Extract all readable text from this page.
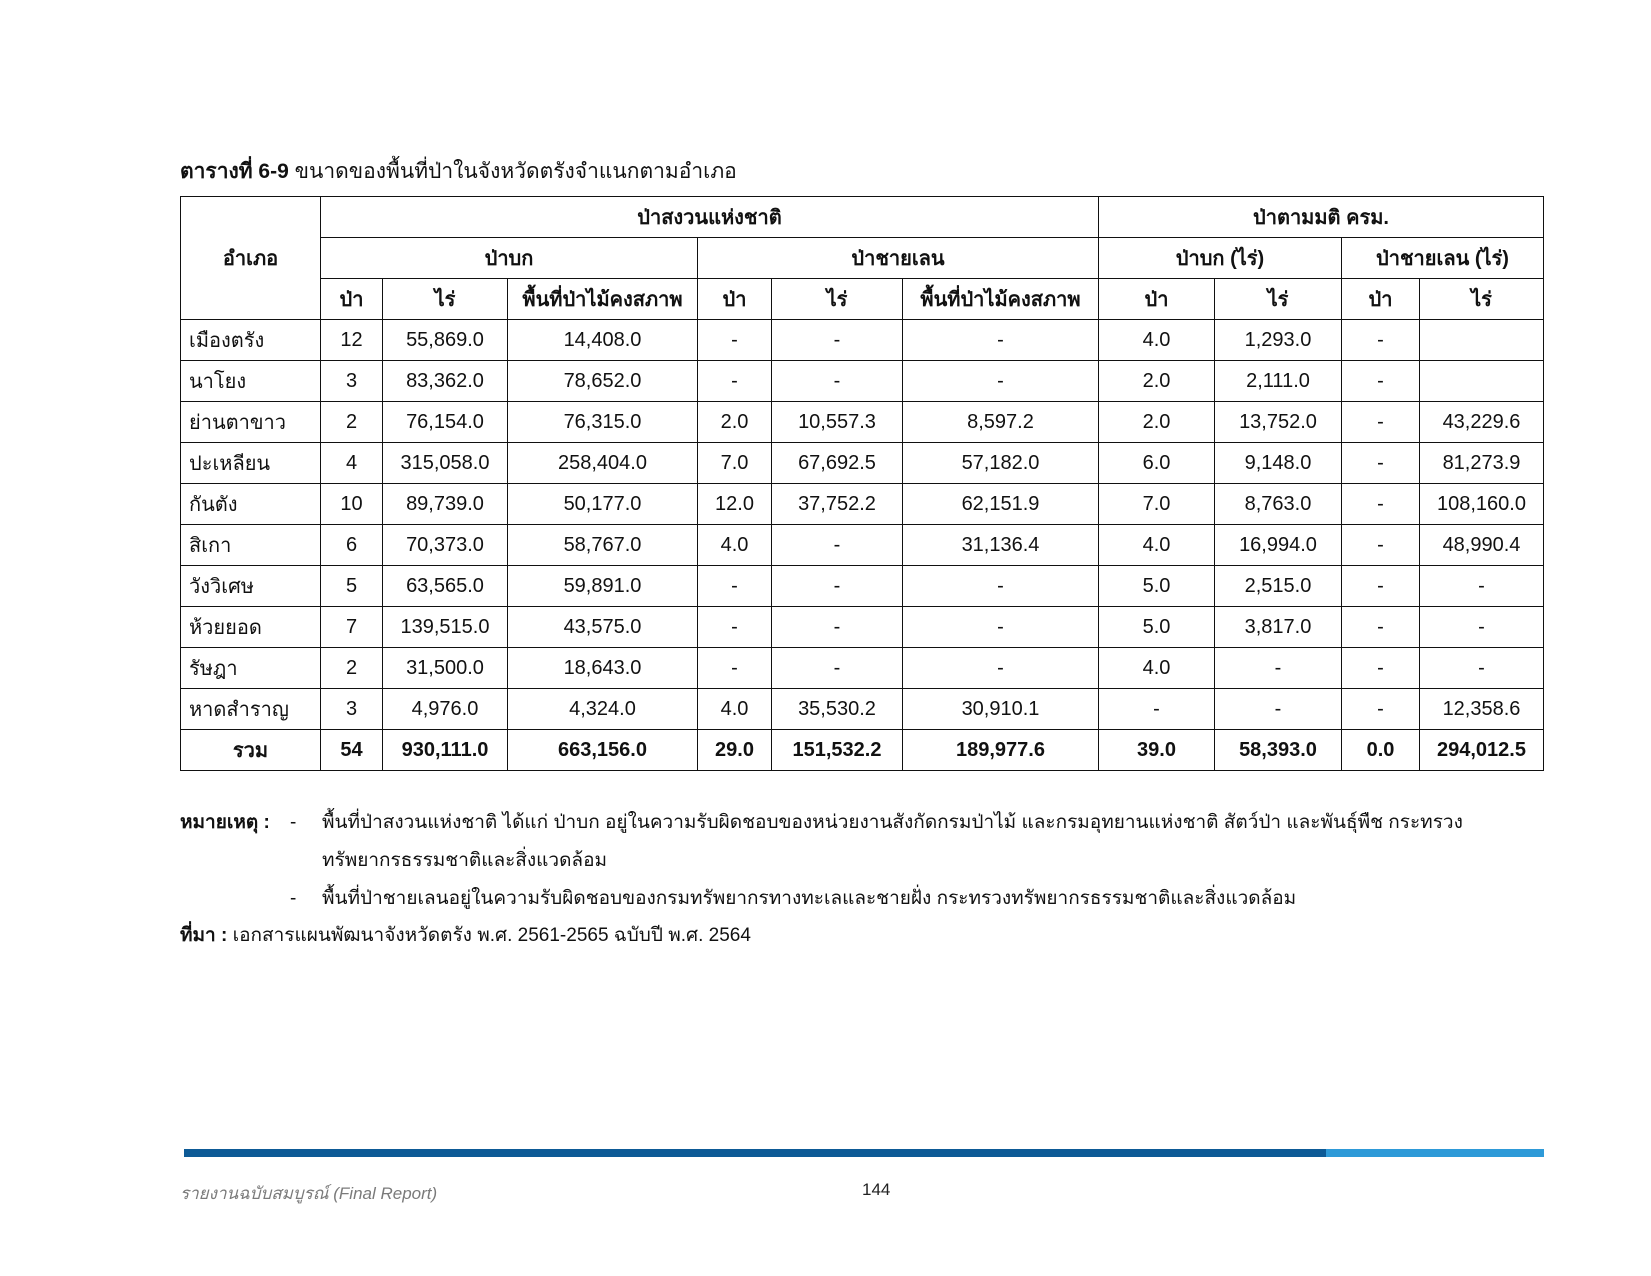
ตารางที่ 6-9 ขนาดของพื้นที่ป่าในจังหวัดตรังจำแนกตามอำเภอ
อำเภอ	ป่าสงวนแห่งชาติ						ป่าตามมติ ครม.			
	ป่าบก			ป่าชายเลน			ป่าบก (ไร่)		ป่าชายเลน (ไร่)	
	ป่า	ไร่	พื้นที่ป่าไม้คงสภาพ	ป่า	ไร่	พื้นที่ป่าไม้คงสภาพ	ป่า	ไร่	ป่า	ไร่
เมืองตรัง	12	55,869.0	14,408.0	-	-	-	4.0	1,293.0	-	
นาโยง	3	83,362.0	78,652.0	-	-	-	2.0	2,111.0	-	
ย่านตาขาว	2	76,154.0	76,315.0	2.0	10,557.3	8,597.2	2.0	13,752.0	-	43,229.6
ปะเหลียน	4	315,058.0	258,404.0	7.0	67,692.5	57,182.0	6.0	9,148.0	-	81,273.9
กันตัง	10	89,739.0	50,177.0	12.0	37,752.2	62,151.9	7.0	8,763.0	-	108,160.0
สิเกา	6	70,373.0	58,767.0	4.0	-	31,136.4	4.0	16,994.0	-	48,990.4
วังวิเศษ	5	63,565.0	59,891.0	-	-	-	5.0	2,515.0	-	-
ห้วยยอด	7	139,515.0	43,575.0	-	-	-	5.0	3,817.0	-	-
รัษฎา	2	31,500.0	18,643.0	-	-	-	4.0	-	-	-
หาดสำราญ	3	4,976.0	4,324.0	4.0	35,530.2	30,910.1	-	-	-	12,358.6
รวม	54	930,111.0	663,156.0	29.0	151,532.2	189,977.6	39.0	58,393.0	0.0	294,012.5
หมายเหตุ :	-	พื้นที่ป่าสงวนแห่งชาติ ได้แก่ ป่าบก อยู่ในความรับผิดชอบของหน่วยงานสังกัดกรมป่าไม้ และกรมอุทยานแห่งชาติ สัตว์ป่า และพันธุ์พืช กระทรวงทรัพยากรธรรมชาติและสิ่งแวดล้อม
-	พื้นที่ป่าชายเลนอยู่ในความรับผิดชอบของกรมทรัพยากรทางทะเลและชายฝั่ง กระทรวงทรัพยากรธรรมชาติและสิ่งแวดล้อม
ที่มา : เอกสารแผนพัฒนาจังหวัดตรัง พ.ศ. 2561-2565 ฉบับปี พ.ศ. 2564
รายงานฉบับสมบูรณ์ (Final Report)	144
